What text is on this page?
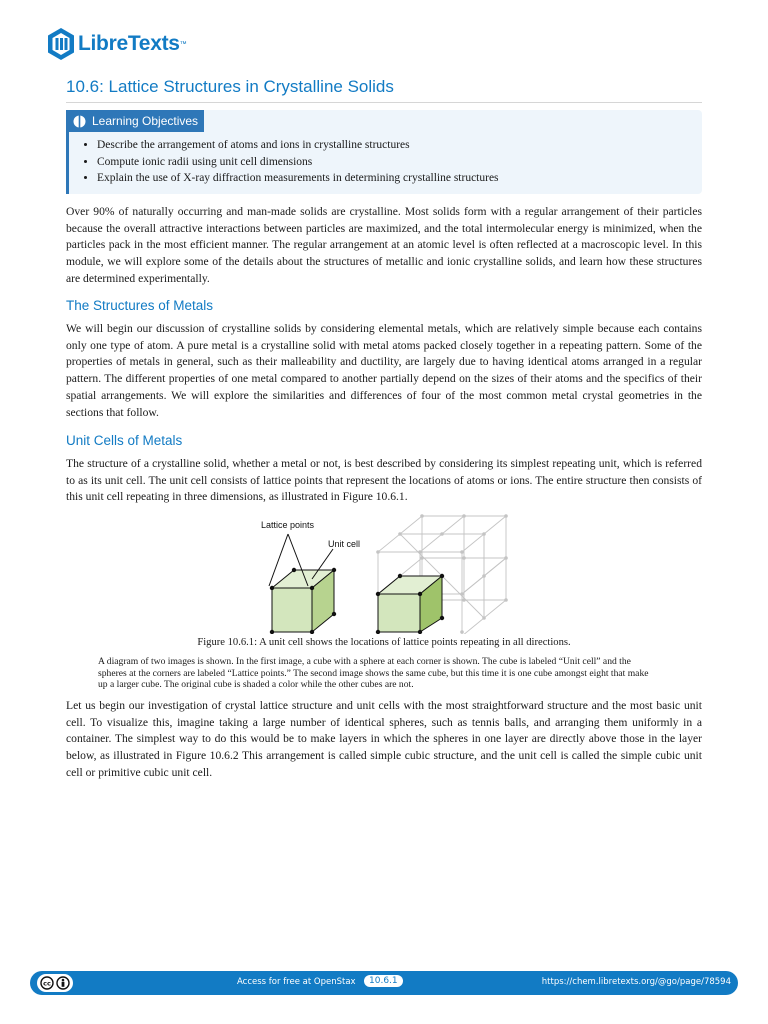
LibreTexts ™
10.6: Lattice Structures in Crystalline Solids
Learning Objectives
• Describe the arrangement of atoms and ions in crystalline structures
• Compute ionic radii using unit cell dimensions
• Explain the use of X-ray diffraction measurements in determining crystalline structures

Over 90% of naturally occurring and man-made solids are crystalline. Most solids form with a regular arrangement of their particles because the overall attractive interactions between particles are maximized, and the total intermolecular energy is minimized, when the particles pack in the most efficient manner. The regular arrangement at an atomic level is often reflected at a macroscopic level. In this module, we will explore some of the details about the structures of metallic and ionic crystalline solids, and learn how these structures are determined experimentally.

The Structures of Metals

We will begin our discussion of crystalline solids by considering elemental metals, which are relatively simple because each contains only one type of atom. A pure metal is a crystalline solid with metal atoms packed closely together in a repeating pattern. Some of the properties of metals in general, such as their malleability and ductility, are largely due to having identical atoms arranged in a regular pattern. The different properties of one metal compared to another partially depend on the sizes of their atoms and the specifics of their spatial arrangements. We will explore the similarities and differences of four of the most common metal crystal geometries in the sections that follow.

Unit Cells of Metals

The structure of a crystalline solid, whether a metal or not, is best described by considering its simplest repeating unit, which is referred to as its unit cell. The unit cell consists of lattice points that represent the locations of atoms or ions. The entire structure then consists of this unit cell repeating in three dimensions, as illustrated in Figure 10.6.1.

Lattice points
Unit cell

Figure 10.6.1: A unit cell shows the locations of lattice points repeating in all directions.

A diagram of two images is shown. In the first image, a cube with a sphere at each corner is shown. The cube is labeled “Unit cell” and the spheres at the corners are labeled “Lattice points.” The second image shows the same cube, but this time it is one cube amongst eight that make up a larger cube. The original cube is shaded a color while the other cubes are not.

Let us begin our investigation of crystal lattice structure and unit cells with the most straightforward structure and the most basic unit cell. To visualize this, imagine taking a large number of identical spheres, such as tennis balls, and arranging them uniformly in a container. The simplest way to do this would be to make layers in which the spheres in one layer are directly above those in the layer below, as illustrated in Figure 10.6.2 This arrangement is called simple cubic structure, and the unit cell is called the simple cubic unit cell or primitive cubic unit cell.

cc	Access for free at OpenStax	10.6.1	https://chem.libretexts.org/@go/page/78594
